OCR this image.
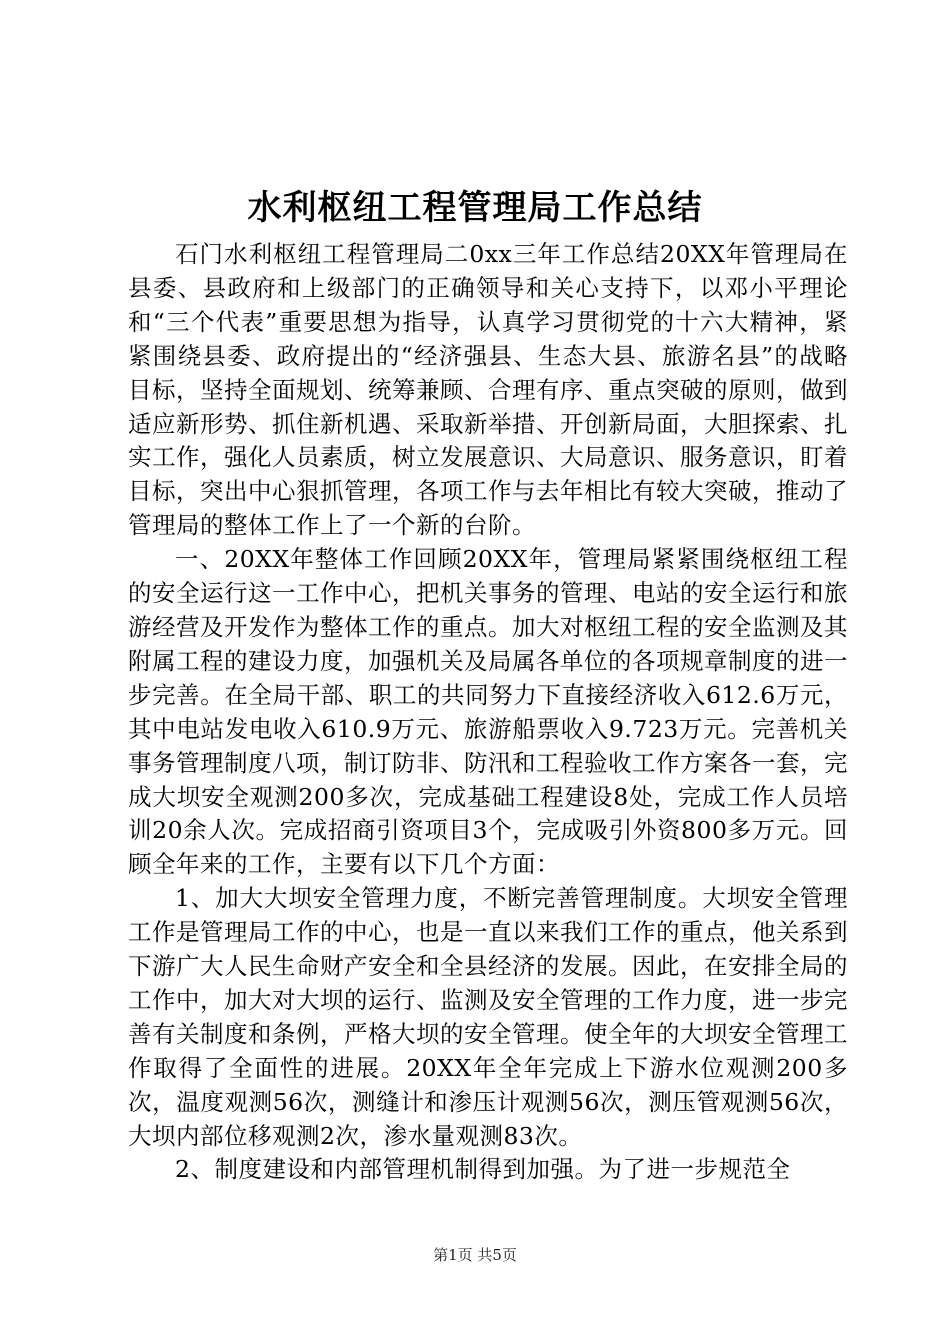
水利枢纽工程管理局工作总结

石门水利枢纽工程管理局二0xx三年工作总结20XX年管理局在县委、县政府和上级部门的正确领导和关心支持下，以邓小平理论和“三个代表”重要思想为指导，认真学习贯彻党的十六大精神，紧紧围绕县委、政府提出的“经济强县、生态大县、旅游名县”的战略目标，坚持全面规划、统筹兼顾、合理有序、重点突破的原则，做到适应新形势、抓住新机遇、采取新举措、开创新局面，大胆探索、扎实工作，强化人员素质，树立发展意识、大局意识、服务意识，盯着目标，突出中心狠抓管理，各项工作与去年相比有较大突破，推动了管理局的整体工作上了一个新的台阶。

一、20XX年整体工作回顾20XX年，管理局紧紧围绕枢纽工程的安全运行这一工作中心，把机关事务的管理、电站的安全运行和旅游经营及开发作为整体工作的重点。加大对枢纽工程的安全监测及其附属工程的建设力度，加强机关及局属各单位的各项规章制度的进一步完善。在全局干部、职工的共同努力下直接经济收入612.6万元，其中电站发电收入610.9万元、旅游船票收入9.723万元。完善机关事务管理制度八项，制订防非、防汛和工程验收工作方案各一套，完成大坝安全观测200多次，完成基础工程建设8处，完成工作人员培训20余人次。完成招商引资项目3个，完成吸引外资800多万元。回顾全年来的工作，主要有以下几个方面：

1、加大大坝安全管理力度，不断完善管理制度。大坝安全管理工作是管理局工作的中心，也是一直以来我们工作的重点，他关系到下游广大人民生命财产安全和全县经济的发展。因此，在安排全局的工作中，加大对大坝的运行、监测及安全管理的工作力度，进一步完善有关制度和条例，严格大坝的安全管理。使全年的大坝安全管理工作取得了全面性的进展。20XX年全年完成上下游水位观测200多次，温度观测56次，测缝计和渗压计观测56次，测压管观测56次，大坝内部位移观测2次，渗水量观测83次。

2、制度建设和内部管理机制得到加强。为了进一步规范全

第1页 共5页
